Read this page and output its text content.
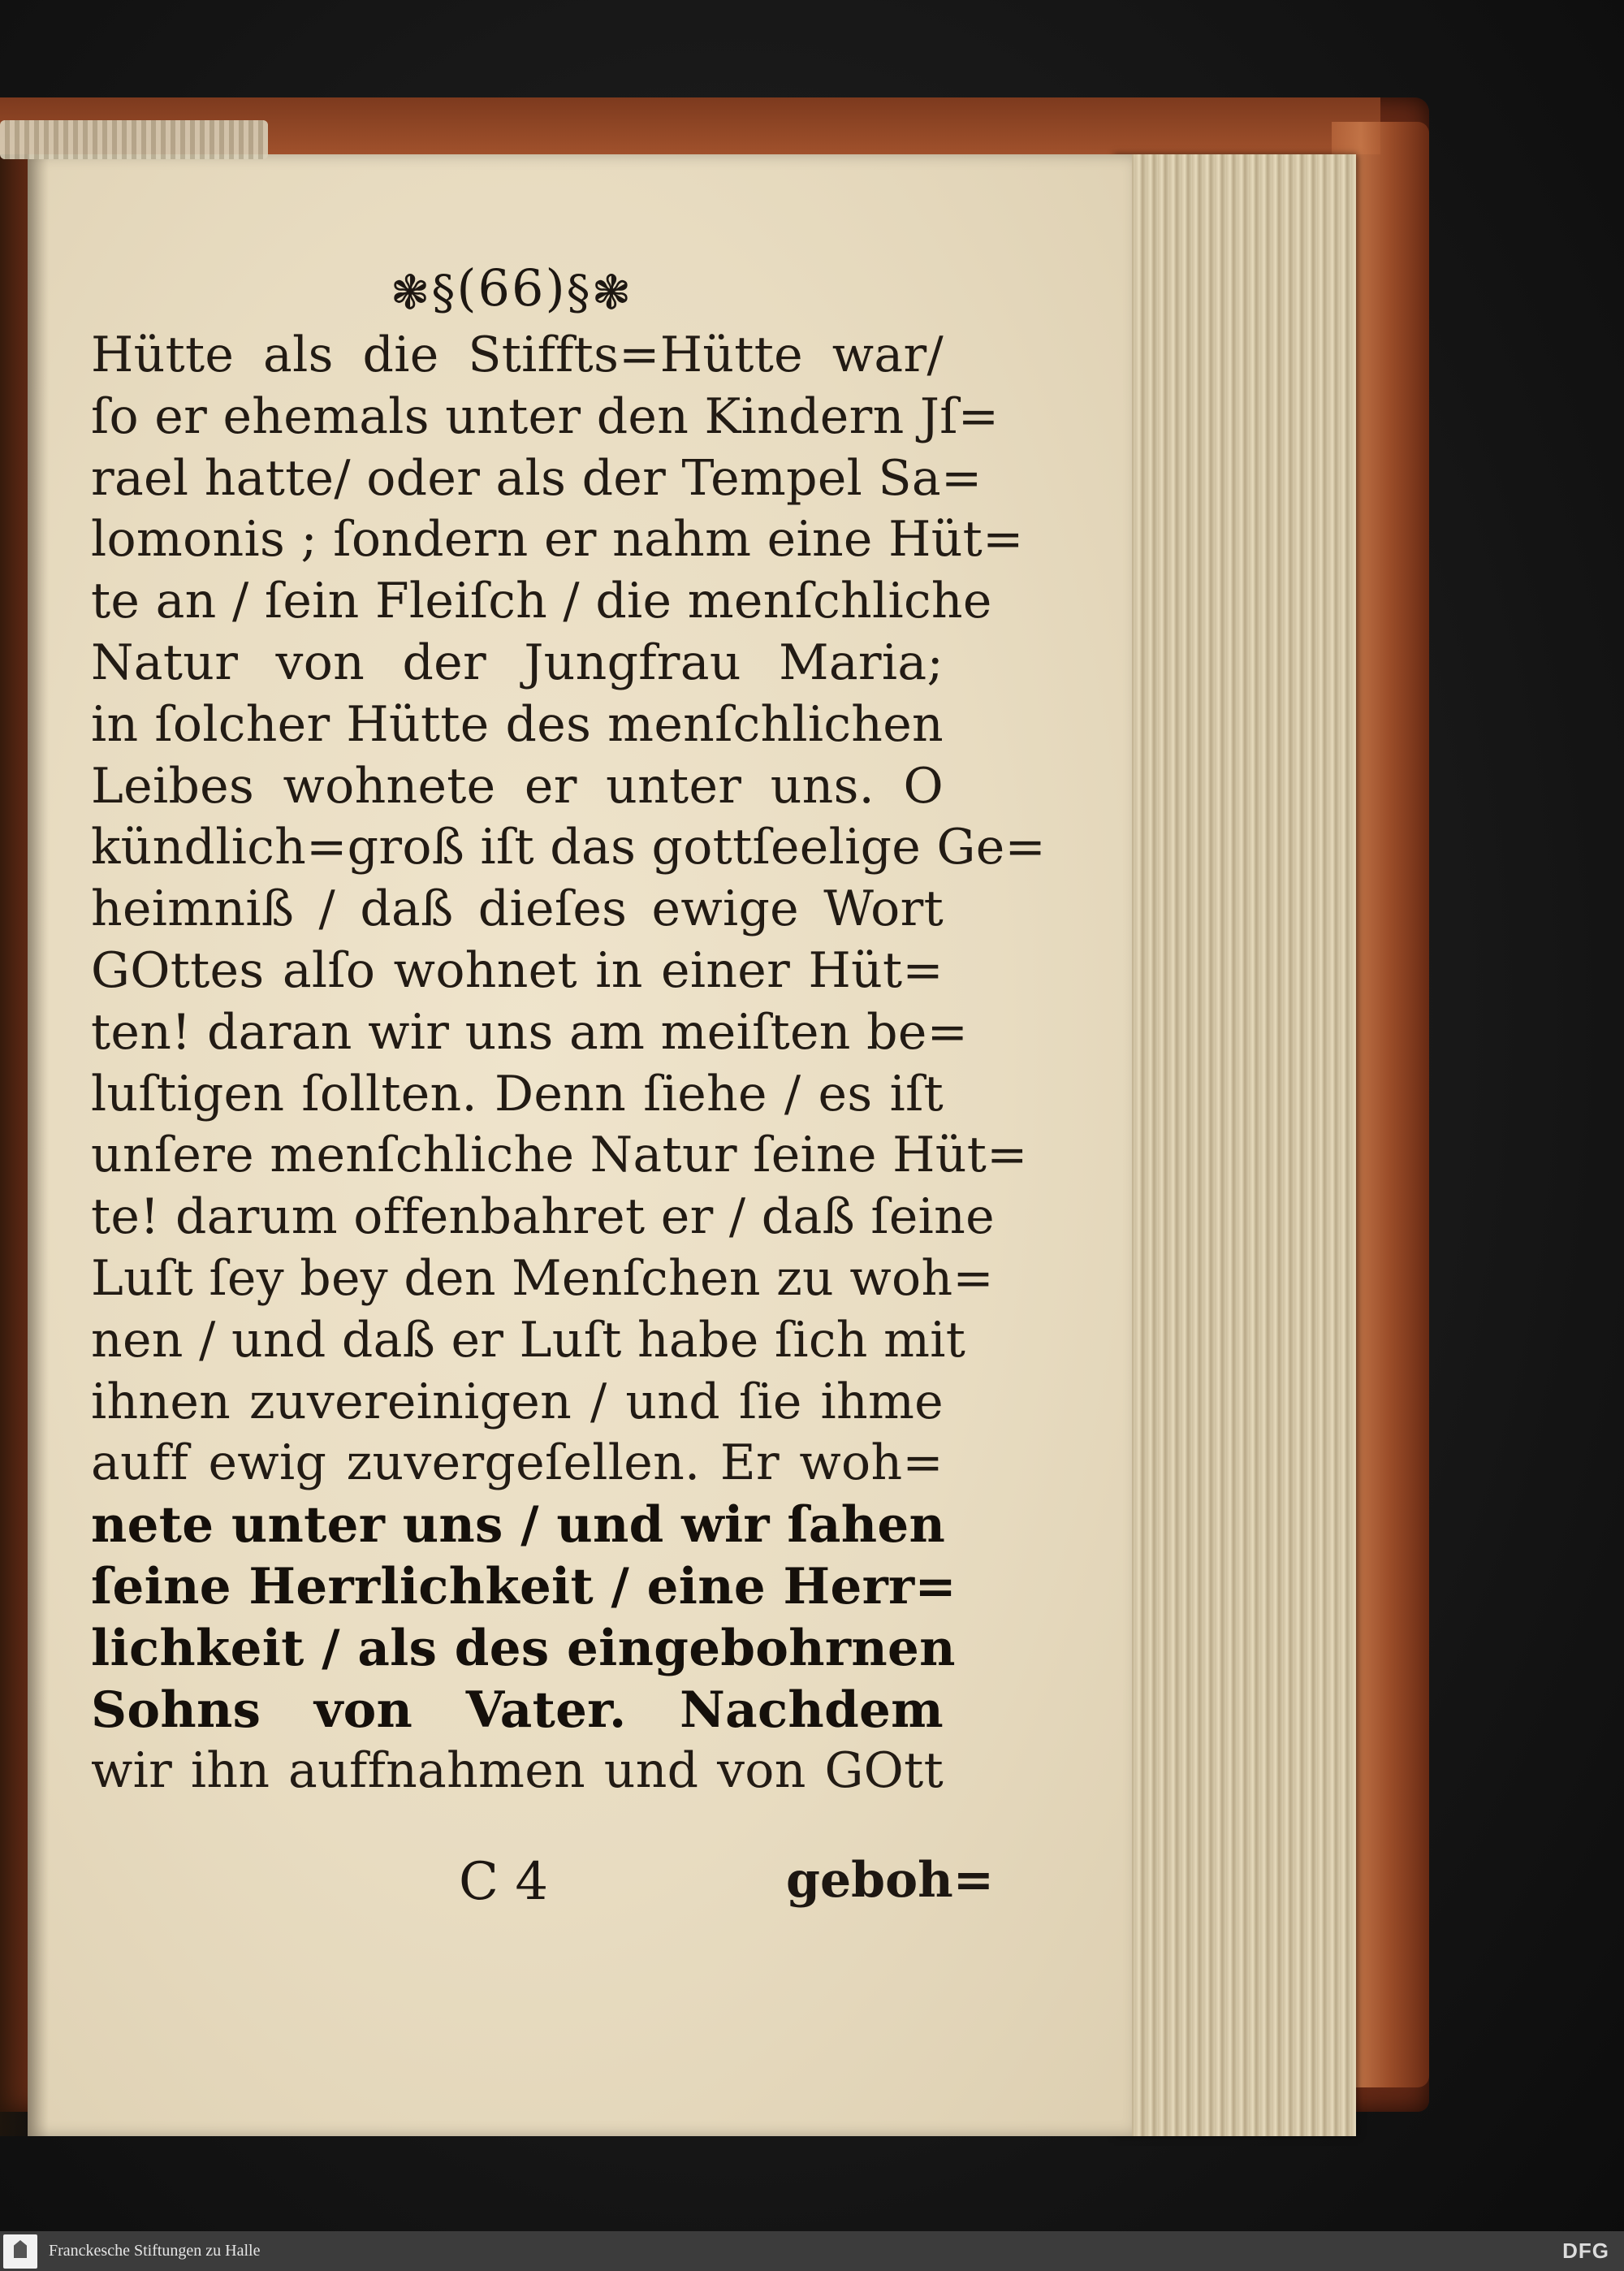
❃§(66)§❃
Hütte als die Stiffts=Hütte war/
ſo er ehemals unter den Kindern Jſ=
rael hatte/ oder als der Tempel Sa=
lomonis ; ſondern er nahm eine Hüt=
te an / ſein Fleiſch / die menſchliche
Natur von der Jungfrau Maria;
in ſolcher Hütte des menſchlichen
Leibes wohnete er unter uns. O
kündlich=groß iſt das gottſeelige Ge=
heimniß / daß dieſes ewige Wort
GOttes alſo wohnet in einer Hüt=
ten! daran wir uns am meiſten be=
luſtigen ſollten. Denn ſiehe / es iſt
unſere menſchliche Natur ſeine Hüt=
te! darum offenbahret er / daß ſeine
Luſt ſey bey den Menſchen zu woh=
nen / und daß er Luſt habe ſich mit
ihnen zuvereinigen / und ſie ihme
auff ewig zuvergeſellen. Er woh=
nete unter uns / und wir ſahen
ſeine Herrlichkeit / eine Herr=
lichkeit / als des eingebohrnen
Sohns von Vater. Nachdem
wir ihn auffnahmen und von GOtt
C 4	geboh=
Franckesche Stiftungen zu Halle	DFG
